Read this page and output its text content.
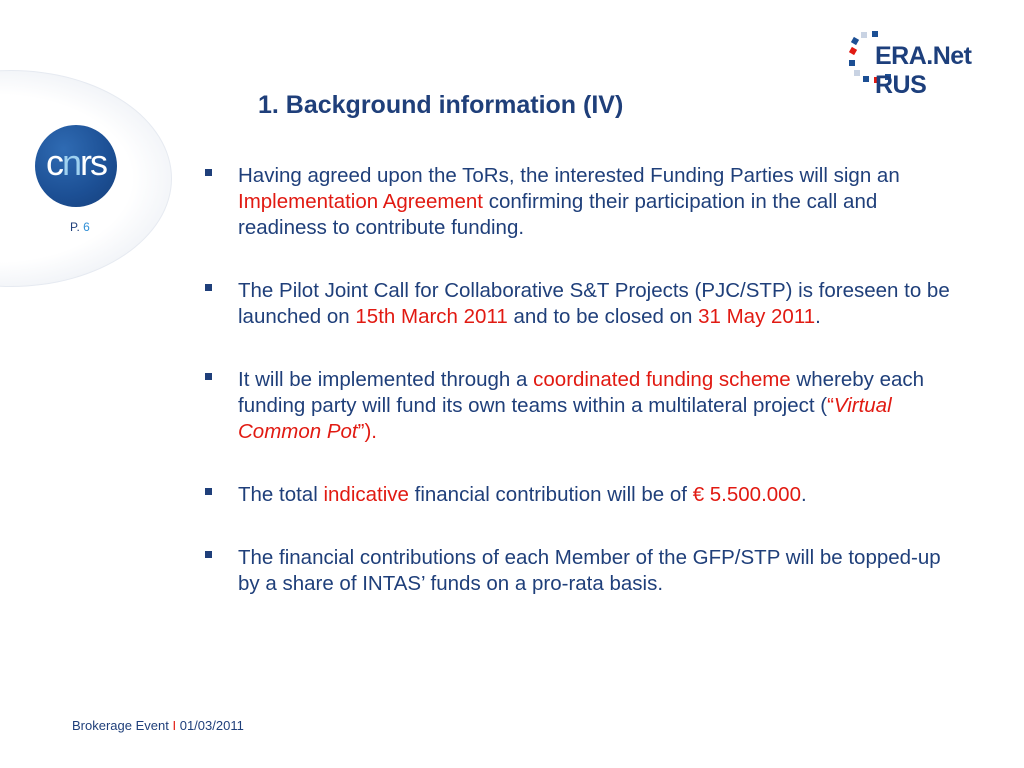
cnrs
P. 6
ERA.Net RUS
1. Background information (IV)
Having agreed upon the ToRs, the interested Funding Parties will sign an Implementation Agreement confirming their participation in the call and readiness to contribute funding.
The Pilot Joint Call for Collaborative S&T Projects (PJC/STP) is foreseen to be launched on 15th March 2011 and to be closed on 31 May 2011.
It will be implemented through a coordinated funding scheme whereby each funding party will fund its own teams within a multilateral project (“Virtual Common Pot”).
The total indicative financial contribution will be of € 5.500.000.
The financial contributions of each Member of the GFP/STP will be topped-up by a share of INTAS’ funds on a pro-rata basis.
Brokerage Event I 01/03/2011
